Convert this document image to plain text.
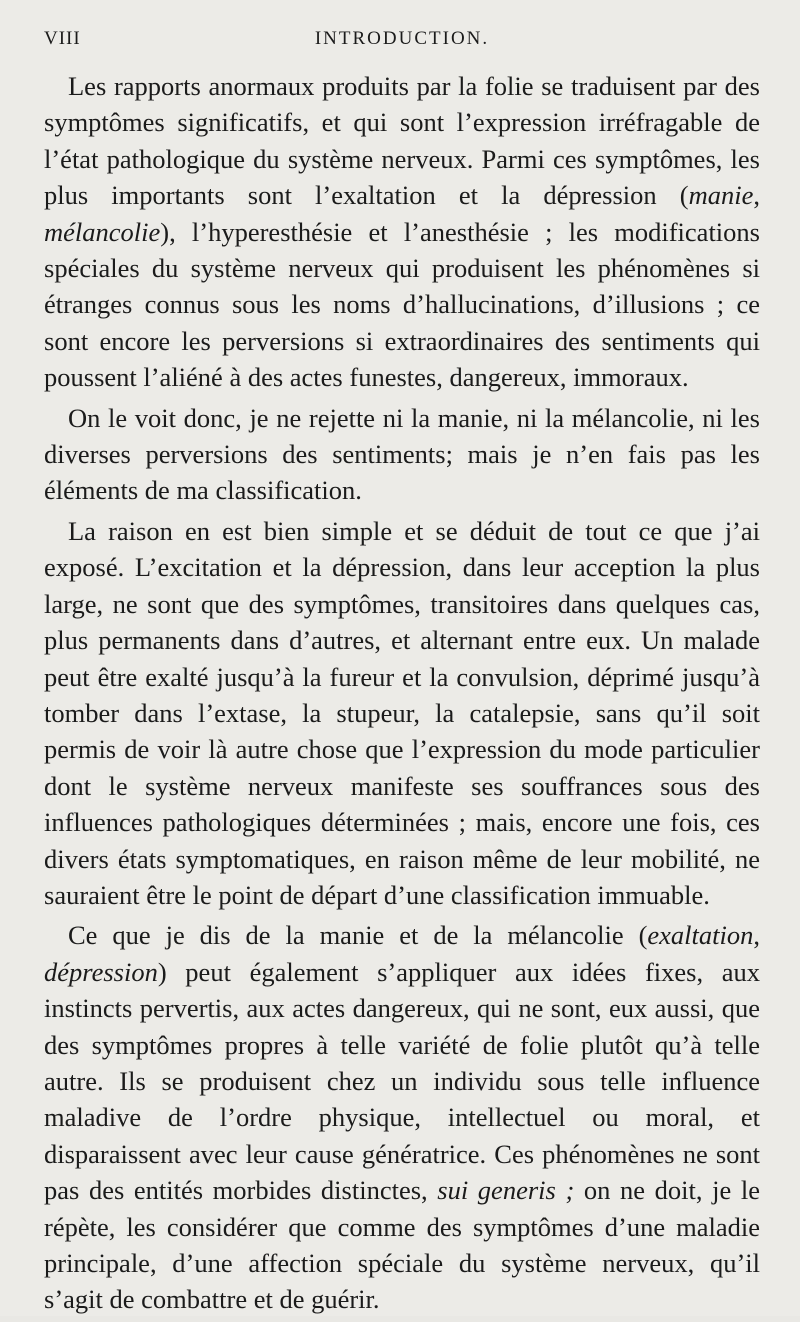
VIII	INTRODUCTION.

Les rapports anormaux produits par la folie se traduisent par des symptômes significatifs, et qui sont l’expression irréfragable de l’état pathologique du système nerveux. Parmi ces symptômes, les plus importants sont l’exaltation et la dépression (manie, mélancolie), l’hyperesthésie et l’anesthésie ; les modifications spéciales du système nerveux qui produisent les phénomènes si étranges connus sous les noms d’hallucinations, d’illusions ; ce sont encore les perversions si extraordinaires des sentiments qui poussent l’aliéné à des actes funestes, dangereux, immoraux.

On le voit donc, je ne rejette ni la manie, ni la mélancolie, ni les diverses perversions des sentiments; mais je n’en fais pas les éléments de ma classification.

La raison en est bien simple et se déduit de tout ce que j’ai exposé. L’excitation et la dépression, dans leur acception la plus large, ne sont que des symptômes, transitoires dans quelques cas, plus permanents dans d’autres, et alternant entre eux. Un malade peut être exalté jusqu’à la fureur et la convulsion, déprimé jusqu’à tomber dans l’extase, la stupeur, la catalepsie, sans qu’il soit permis de voir là autre chose que l’expression du mode particulier dont le système nerveux manifeste ses souffrances sous des influences pathologiques déterminées ; mais, encore une fois, ces divers états symptomatiques, en raison même de leur mobilité, ne sauraient être le point de départ d’une classification immuable.

Ce que je dis de la manie et de la mélancolie (exaltation, dépression) peut également s’appliquer aux idées fixes, aux instincts pervertis, aux actes dangereux, qui ne sont, eux aussi, que des symptômes propres à telle variété de folie plutôt qu’à telle autre. Ils se produisent chez un individu sous telle influence maladive de l’ordre physique, intellectuel ou moral, et disparaissent avec leur cause génératrice. Ces phénomènes ne sont pas des entités morbides distinctes, sui generis ; on ne doit, je le répète, les considérer que comme des symptômes d’une maladie principale, d’une affection spéciale du système nerveux, qu’il s’agit de combattre et de guérir.
